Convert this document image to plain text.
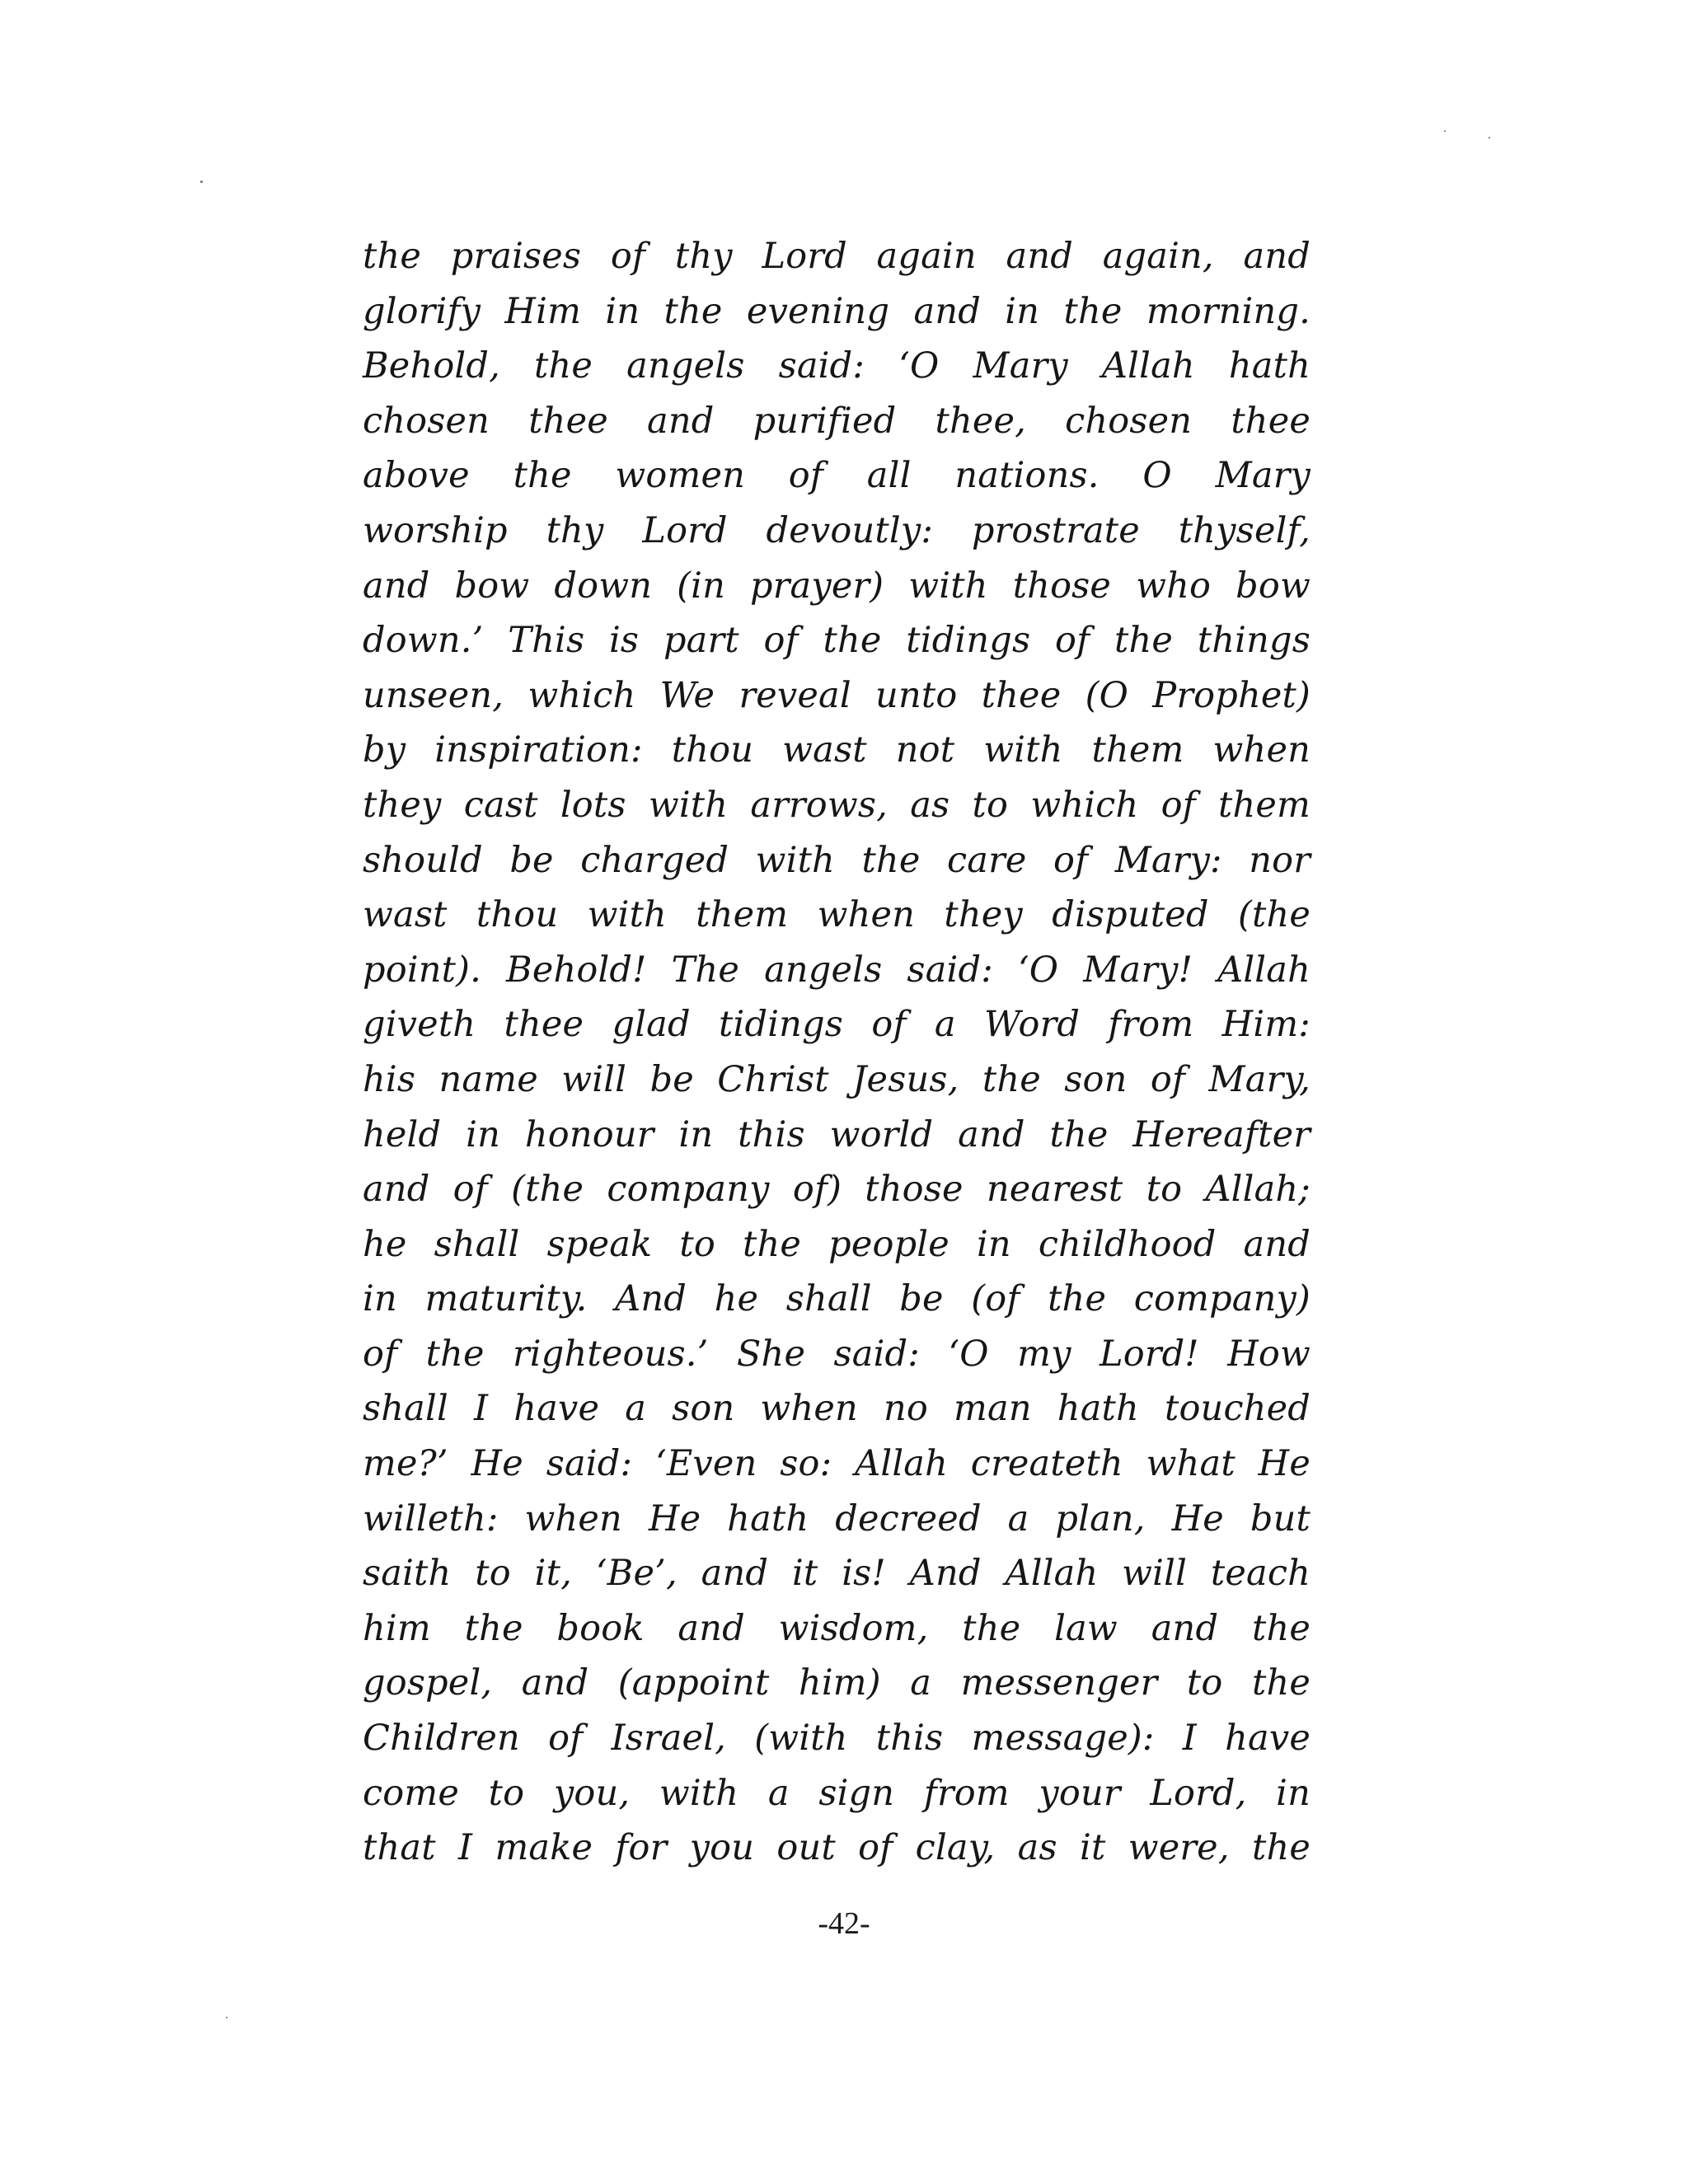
the praises of thy Lord again and again, and
glorify Him in the evening and in the morning.
Behold, the angels said: ‘O Mary Allah hath
chosen thee and purified thee, chosen thee
above the women of all nations. O Mary
worship thy Lord devoutly: prostrate thyself,
and bow down (in prayer) with those who bow
down.’ This is part of the tidings of the things
unseen, which We reveal unto thee (O Prophet)
by inspiration: thou wast not with them when
they cast lots with arrows, as to which of them
should be charged with the care of Mary: nor
wast thou with them when they disputed (the
point). Behold! The angels said: ‘O Mary! Allah
giveth thee glad tidings of a Word from Him:
his name will be Christ Jesus, the son of Mary,
held in honour in this world and the Hereafter
and of (the company of) those nearest to Allah;
he shall speak to the people in childhood and
in maturity. And he shall be (of the company)
of the righteous.’ She said: ‘O my Lord! How
shall I have a son when no man hath touched
me?’ He said: ‘Even so: Allah createth what He
willeth: when He hath decreed a plan, He but
saith to it, ‘Be’, and it is! And Allah will teach
him the book and wisdom, the law and the
gospel, and (appoint him) a messenger to the
Children of Israel, (with this message): I have
come to you, with a sign from your Lord, in
that I make for you out of clay, as it were, the
-42-
